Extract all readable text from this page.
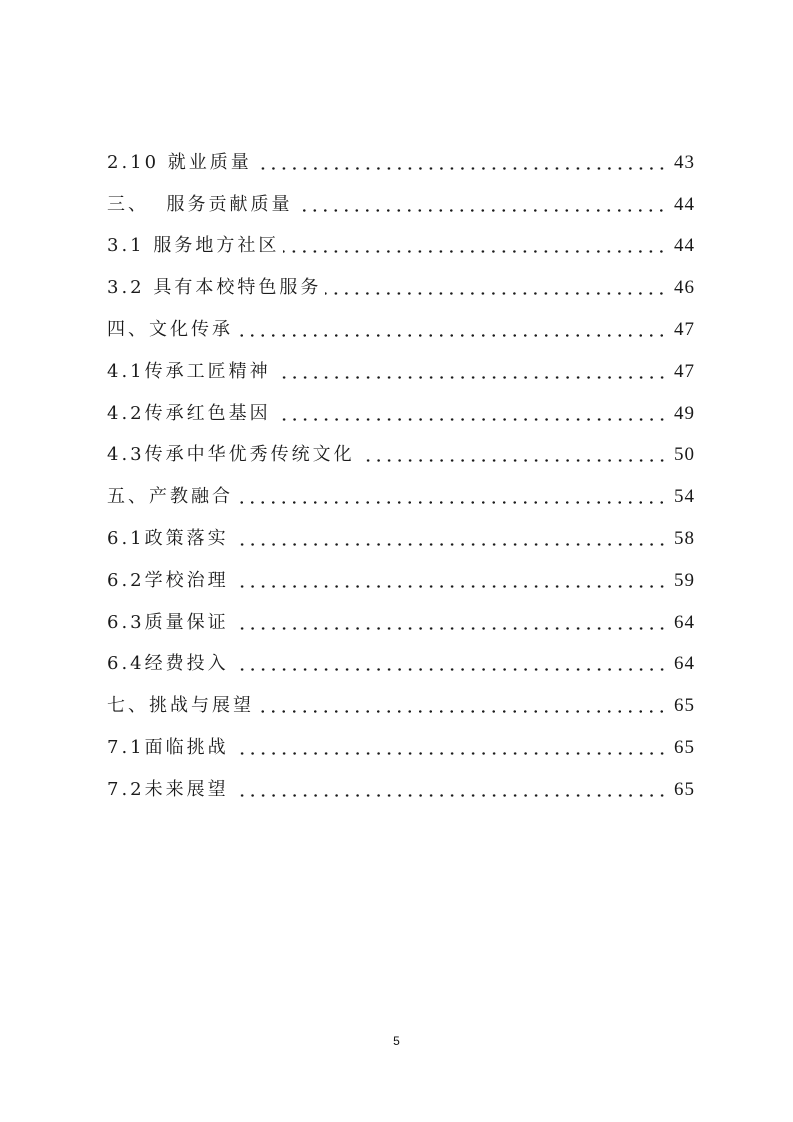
2.10 就业质量	43
三、  服务贡献质量	44
3.1 服务地方社区	44
3.2 具有本校特色服务	46
四、文化传承	47
4.1传承工匠精神	47
4.2传承红色基因	49
4.3传承中华优秀传统文化	50
五、产教融合	54
6.1政策落实	58
6.2学校治理	59
6.3质量保证	64
6.4经费投入	64
七、挑战与展望	65
7.1面临挑战	65
7.2未来展望	65
5
